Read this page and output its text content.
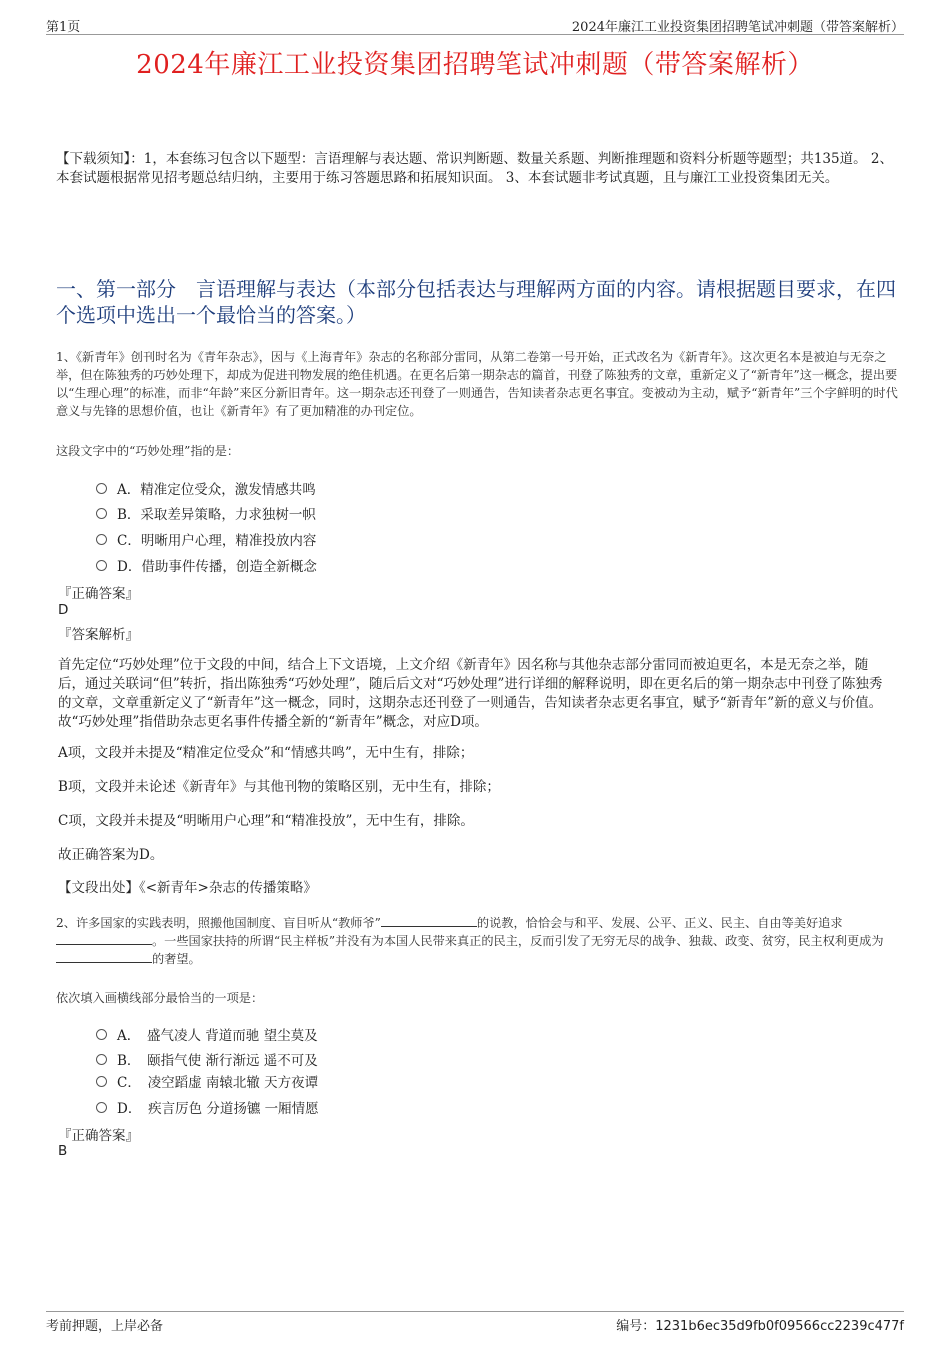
第1页	2024年廉江工业投资集团招聘笔试冲刺题（带答案解析）
2024年廉江工业投资集团招聘笔试冲刺题（带答案解析）
【下载须知】：1，本套练习包含以下题型：言语理解与表达题、常识判断题、数量关系题、判断推理题和资料分析题等题型；共135道。 2、本套试题根据常见招考题总结归纳，主要用于练习答题思路和拓展知识面。 3、本套试题非考试真题，且与廉江工业投资集团无关。
一、第一部分　言语理解与表达（本部分包括表达与理解两方面的内容。请根据题目要求，在四个选项中选出一个最恰当的答案。）
1、《新青年》创刊时名为《青年杂志》，因与《上海青年》杂志的名称部分雷同，从第二卷第一号开始，正式改名为《新青年》。这次更名本是被迫与无奈之举，但在陈独秀的巧妙处理下，却成为促进刊物发展的绝佳机遇。在更名后第一期杂志的篇首，刊登了陈独秀的文章，重新定义了“新青年”这一概念，提出要以“生理心理”的标准，而非“年龄”来区分新旧青年。这一期杂志还刊登了一则通告，告知读者杂志更名事宜。变被动为主动，赋予“新青年”三个字鲜明的时代意义与先锋的思想价值，也让《新青年》有了更加精准的办刊定位。
这段文字中的“巧妙处理”指的是：
A．精准定位受众，激发情感共鸣
B．采取差异策略，力求独树一帜
C．明晰用户心理，精准投放内容
D．借助事件传播，创造全新概念
『正确答案』
D
『答案解析』
首先定位“巧妙处理”位于文段的中间，结合上下文语境，上文介绍《新青年》因名称与其他杂志部分雷同而被迫更名，本是无奈之举，随后，通过关联词“但”转折，指出陈独秀“巧妙处理”，随后后文对“巧妙处理”进行详细的解释说明，即在更名后的第一期杂志中刊登了陈独秀的文章，文章重新定义了“新青年”这一概念，同时，这期杂志还刊登了一则通告，告知读者杂志更名事宜，赋予“新青年”新的意义与价值。故“巧妙处理”指借助杂志更名事件传播全新的“新青年”概念，对应D项。
A项，文段并未提及“精准定位受众”和“情感共鸣”，无中生有，排除；
B项，文段并未论述《新青年》与其他刊物的策略区别，无中生有，排除；
C项，文段并未提及“明晰用户心理”和“精准投放”，无中生有，排除。
故正确答案为D。
【文段出处】《<新青年>杂志的传播策略》
2、许多国家的实践表明，照搬他国制度、盲目听从“教师爷”	的说教，恰恰会与和平、发展、公平、正义、民主、自由等美好追求。一些国家扶持的所谓“民主样板”并没有为本国人民带来真正的民主，反而引发了无穷无尽的战争、独裁、政变、贫穷，民主权利更成为的奢望。
依次填入画横线部分最恰当的一项是：
A．　盛气凌人 背道而驰 望尘莫及
B．　颐指气使 渐行渐远 遥不可及
C．　凌空蹈虚 南辕北辙 天方夜谭
D．　疾言厉色 分道扬镳 一厢情愿
『正确答案』
B
考前押题，上岸必备	编号：1231b6ec35d9fb0f09566cc2239c477f
